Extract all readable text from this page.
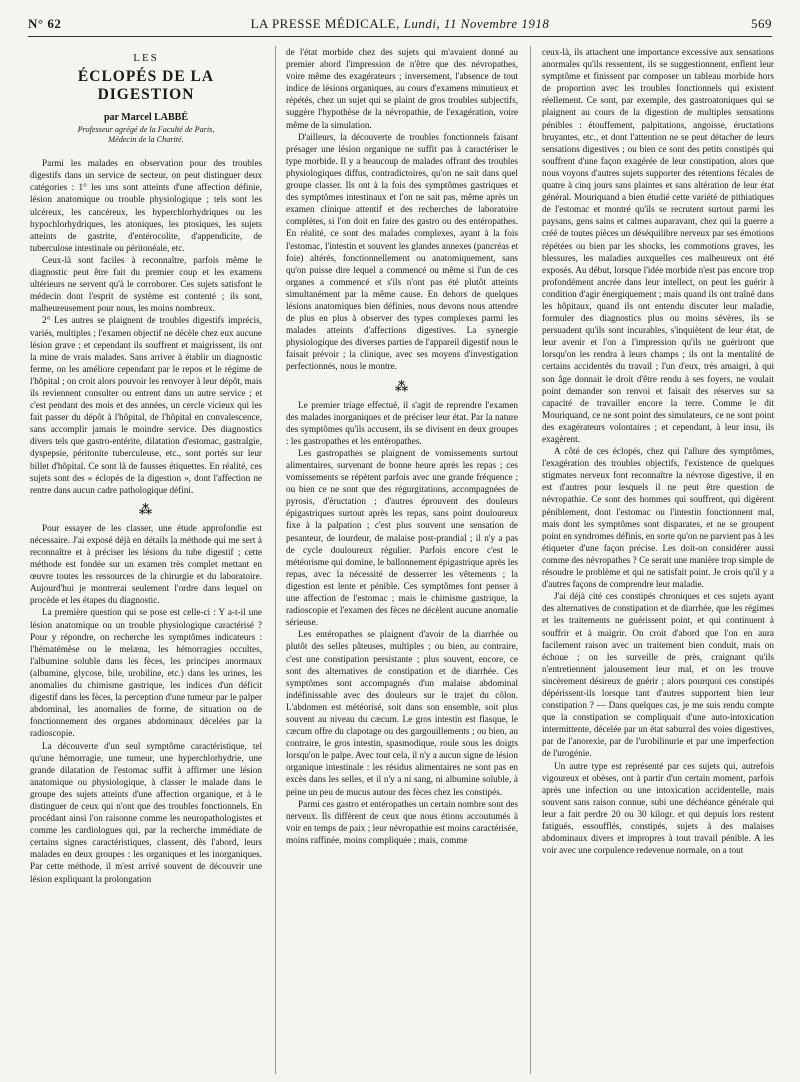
N° 62	LA PRESSE MÉDICALE, Lundi, 11 Novembre 1918	569
LES
ÉCLOPÉS DE LA DIGESTION
par Marcel LABBÉ
Professeur agrégé de la Faculté de Paris,
Médecin de la Charité.

Parmi les malades en observation pour des troubles digestifs dans un service de secteur, on peut distinguer deux catégories : 1° les uns sont atteints d'une affection définie, lésion anatomique ou trouble physiologique ; tels sont les ulcéreux, les cancéreux, les hyperchlorhydriques ou les hypochlorhydriques, les atoniques, les ptosiques, les sujets atteints de gastrite, d'entérocolite, d'appendicite, de tuberculose intestinale ou péritonéale, etc.

Ceux-là sont faciles à reconnaître, parfois même le diagnostic peut être fait du premier coup et les examens ultérieurs ne servent qu'à le corroborer. Ces sujets satisfont le médecin dont l'esprit de système est contenté ; ils sont, malheureusement pour nous, les moins nombreux.

2° Les autres se plaignent de troubles digestifs imprécis, variés, multiples ; l'examen objectif ne décèle chez eux aucune lésion grave ; et cependant ils souffrent et maigrissent, ils ont la mine de vrais malades. Sans arriver à établir un diagnostic ferme, on les améliore cependant par le repos et le régime de l'hôpital ; on croit alors pouvoir les renvoyer à leur dépôt, mais ils reviennent consulter ou entrent dans un autre service ; et c'est pendant des mois et des années, un cercle vicieux qui les fait passer du dépôt à l'hôpital, de l'hôpital en convalescence, sans accomplir jamais le moindre service. Des diagnostics divers tels que gastro-entérite, dilatation d'estomac, gastralgie, dyspepsie, péritonite tuberculeuse, etc., sont portés sur leur billet d'hôpital. Ce sont là de fausses étiquettes. En réalité, ces sujets sont des « éclopés de la digestion », dont l'affection ne rentre dans aucun cadre pathologique défini.

⁂

Pour essayer de les classer, une étude approfondie est nécessaire. J'ai exposé déjà en détails la méthode qui me sert à reconnaître et à préciser les lésions du tube digestif ; cette méthode est fondée sur un examen très complet mettant en œuvre toutes les ressources de la chirurgie et du laboratoire. Aujourd'hui je montrerai seulement l'ordre dans lequel on procède et les étapes du diagnostic.

La première question qui se pose est celle-ci : Y a-t-il une lésion anatomique ou un trouble physiologique caractérisé ? Pour y répondre, on recherche les symptômes indicateurs : l'hématémèse ou le melæna, les hémorragies occultes, l'albumine soluble dans les fèces, les principes anormaux (albumine, glycose, bile, urobiline, etc.) dans les urines, les anomalies du chimisme gastrique, les indices d'un déficit digestif dans les fèces, la perception d'une tumeur par le palper abdominal, les anomalies de forme, de situation ou de fonctionnement des organes abdominaux décelées par la radioscopie.

La découverte d'un seul symptôme caractéristique, tel qu'une hémorragie, une tumeur, une hyperchlorhydrie, une grande dilatation de l'estomac suffit à affirmer une lésion anatomique ou physiologique, à classer le malade dans le groupe des sujets atteints d'une affection organique, et à le distinguer de ceux qui n'ont que des troubles fonctionnels. En procédant ainsi l'on raisonne comme les neuropathologistes et comme les cardiologues qui, par la recherche immédiate de certains signes caractéristiques, classent, dès l'abord, leurs malades en deux groupes : les organiques et les inorganiques. Par cette méthode, il m'est arrivé souvent de découvrir une lésion expliquant la prolongation

de l'état morbide chez des sujets qui m'avaient donné au premier abord l'impression de n'être que des névropathes, voire même des exagérateurs ; inversement, l'absence de tout indice de lésions organiques, au cours d'examens minutieux et répétés, chez un sujet qui se plaint de gros troubles subjectifs, suggère l'hypothèse de la névropathie, de l'exagération, voire même de la simulation.

D'ailleurs, la découverte de troubles fonctionnels faisant présager une lésion organique ne suffit pas à caractériser le type morbide. Il y a beaucoup de malades offrant des troubles physiologiques diffus, contradictoires, qu'on ne sait dans quel groupe classer. Ils ont à la fois des symptômes gastriques et des symptômes intestinaux et l'on ne sait pas, même après un examen clinique attentif et des recherches de laboratoire complètes, si l'on doit en faire des gastro ou des entéropathes. En réalité, ce sont des malades complexes, ayant à la fois l'estomac, l'intestin et souvent les glandes annexes (pancréas et foie) altérés, fonctionnellement ou anatomiquement, sans qu'on puisse dire lequel a commencé ou même si l'un de ces organes a commencé et s'ils n'ont pas été plutôt atteints simultanément par la même cause. En dehors de quelques lésions anatomiques bien définies, nous devons nous attendre de plus en plus à observer des types complexes parmi les malades atteints d'affections digestives. La synergie physiologique des diverses parties de l'appareil digestif nous le faisait prévoir ; la clinique, avec ses moyens d'investigation perfectionnés, nous le montre.

⁂

Le premier triage effectué, il s'agit de reprendre l'examen des malades inorganiques et de préciser leur état. Par la nature des symptômes qu'ils accusent, ils se divisent en deux groupes : les gastropathes et les entéropathes.

Les gastropathes se plaignent de vomissements surtout alimentaires, survenant de bonne heure après les repas ; ces vomissements se répètent parfois avec une grande fréquence ; ou bien ce ne sont que des régurgitations, accompagnées de pyrosis, d'éructation ; d'autres éprouvent des douleurs épigastriques surtout après les repas, sans point douloureux fixe à la palpation ; c'est plus souvent une sensation de pesanteur, de lourdeur, de malaise post-prandial ; il n'y a pas de cycle douloureux régulier. Parfois encore c'est le météorisme qui domine, le ballonnement épigastrique après les repas, avec la nécessité de desserrer les vêtements ; la digestion est lente et pénible. Ces symptômes font penser à une affection de l'estomac ; mais le chimisme gastrique, la radioscopie et l'examen des fèces ne décèlent aucune anomalie sérieuse.

Les entéropathes se plaignent d'avoir de la diarrhée ou plutôt des selles pâteuses, multiples ; ou bien, au contraire, c'est une constipation persistante ; plus souvent, encore, ce sont des alternatives de constipation et de diarrhée. Ces symptômes sont accompagnés d'un malaise abdominal indéfinissable avec des douleurs sur le trajet du côlon. L'abdomen est météorisé, soit dans son ensemble, soit plus souvent au niveau du cæcum. Le gros intestin est flasque, le cæcum offre du clapotage ou des gargouillements ; ou bien, au contraire, le gros intestin, spasmodique, roule sous les doigts lorsqu'on le palpe. Avec tout cela, il n'y a aucun signe de lésion organique intestinale : les résidus alimentaires ne sont pas en excès dans les selles, et il n'y a ni sang, ni albumine soluble, à peine un peu de mucus autour des fèces chez les constipés.

Parmi ces gastro et entéropathes un certain nombre sont des nerveux. Ils diffèrent de ceux que nous étions accoutumés à voir en temps de paix ; leur névropathie est moins caractérisée, moins raffinée, moins compliquée ; mais, comme

ceux-là, ils attachent une importance excessive aux sensations anormales qu'ils ressentent, ils se suggestionnent, enflent leur symptôme et finissent par composer un tableau morbide hors de proportion avec les troubles fonctionnels qui existent réellement. Ce sont, par exemple, des gastroatoniques qui se plaignent au cours de la digestion de multiples sensations pénibles : étouffement, palpitations, angoisse, éructations bruyantes, etc., et dont l'attention ne se peut détacher de leurs sensations digestives ; ou bien ce sont des petits constipés qui souffrent d'une façon exagérée de leur constipation, alors que nous voyons d'autres sujets supporter des rétentions fécales de quatre à cinq jours sans plaintes et sans altération de leur état général. Mouriquand a bien étudié cette variété de pithiatiques de l'estomac et montré qu'ils se recrutent surtout parmi les paysans, gens sains et calmes auparavant, chez qui la guerre a créé de toutes pièces un déséquilibre nerveux par ses émotions répétées ou bien par les shocks, les commotions graves, les blessures, les maladies auxquelles ces malheureux ont été exposés. Au début, lorsque l'idée morbide n'est pas encore trop profondément ancrée dans leur intellect, on peut les guérir à condition d'agir énergiquement ; mais quand ils ont traîné dans les hôpitaux, quand ils ont entendu discuter leur maladie, formuler des diagnostics plus ou moins sévères, ils se persuadent qu'ils sont incurables, s'inquiètent de leur état, de leur avenir et l'on a l'impression qu'ils ne guériront que lorsqu'on les rendra à leurs champs ; ils ont la mentalité de certains accidentés du travail ; l'un d'eux, très amaigri, à qui son âge donnait le droit d'être rendu à ses foyers, ne voulait point demander son renvoi et faisait des réserves sur sa capacité de travailler encore la terre. Comme le dit Mouriquand, ce ne sont point des simulateurs, ce ne sont point des exagérateurs volontaires ; et cependant, à leur insu, ils exagèrent.

A côté de ces éclopés, chez qui l'allure des symptômes, l'exagération des troubles objectifs, l'existence de quelques stigmates nerveux font reconnaître la névrose digestive, il en est d'autres pour lesquels il ne peut être question de névropathie. Ce sont des hommes qui souffrent, qui digèrent péniblement, dont l'estomac ou l'intestin fonctionnent mal, mais dont les symptômes sont disparates, et ne se groupent point en syndromes définis, en sorte qu'on ne parvient pas à les étiqueter d'une façon précise. Les doit-on considérer aussi comme des névropathes ? Ce serait une manière trop simple de résoudre le problème et qui ne satisfait point. Je crois qu'il y a d'autres façons de comprendre leur maladie.

J'ai déjà cité ces constipés chroniques et ces sujets ayant des alternatives de constipation et de diarrhée, que les régimes et les traitements ne guérissent point, et qui continuent à souffrir et à maigrir. On croit d'abord que l'on en aura facilement raison avec un traitement bien conduit, mais on échoue ; on les surveille de près, craignant qu'ils n'entretiennent jalousement leur mal, et on les trouve sincèrement désireux de guérir ; alors pourquoi ces constipés dépérissent-ils lorsque tant d'autres supportent bien leur constipation ? — Dans quelques cas, je me suis rendu compte que la constipation se compliquait d'une auto-intoxication intermittente, décelée par un état saburral des voies digestives, par de l'anorexie, par de l'urobilinurie et par une imperfection de l'urogénie.

Un autre type est représenté par ces sujets qui, autrefois vigoureux et obèses, ont à partir d'un certain moment, parfois après une infection ou une intoxication accidentelle, mais souvent sans raison connue, subi une déchéance générale qui leur a fait perdre 20 ou 30 kilogr. et qui depuis lors restent fatigués, essoufflés, constipés, sujets à des malaises abdominaux divers et impropres à tout travail pénible. A les voir avec une corpulence redevenue normale, on a tout
